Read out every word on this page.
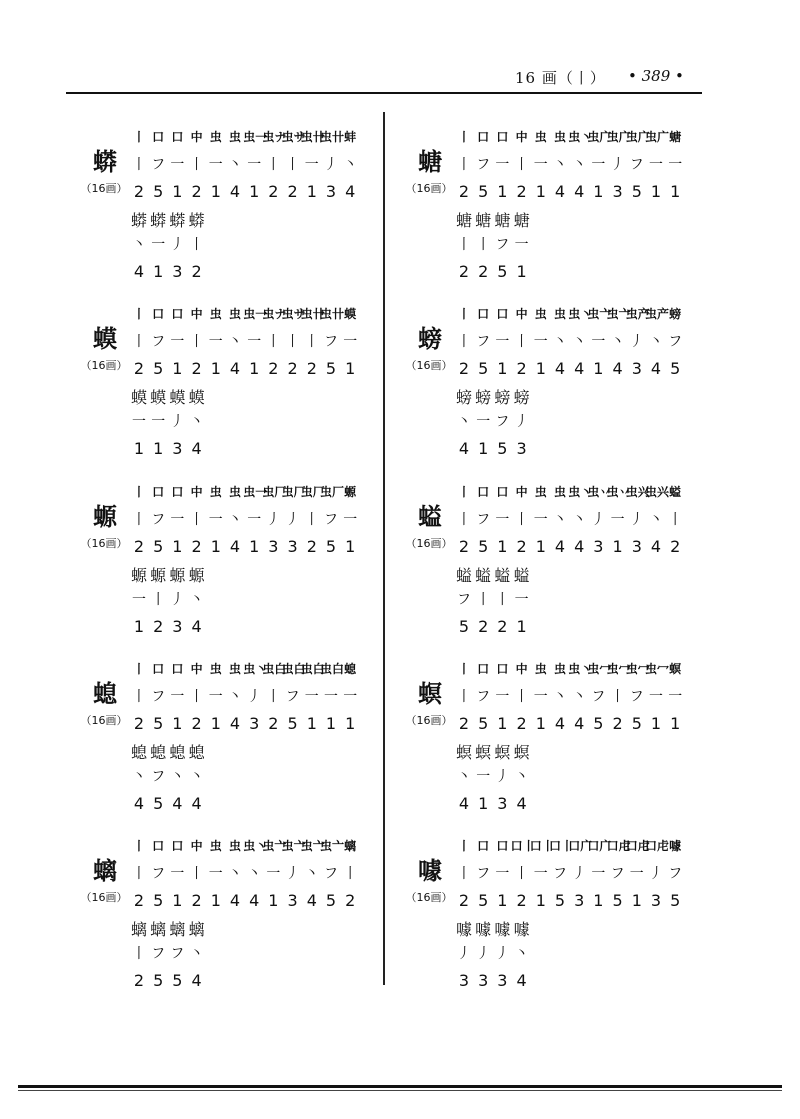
16 画（丨）	• 389 •
蟒
（16画）
丨 口 口 中 虫 虫 虫一
虫ナ
虫サ
虫卄
虫卄 蚌
丨 フ 一 丨 一 丶 一 丨 丨 一 丿 丶
2 5 1 2 1 4 1 2 2 1 3 4
蟒 蟒 蟒 蟒
丶 一 丿 丨
4 1 3 2
蟆
（16画）
丨 口 口 中 虫 虫 虫一
虫ナ
虫サ
虫卄
虫卄 蟆
丨 フ 一 丨 一 丶 一 丨 丨 丨 フ 一
2 5 1 2 1 4 1 2 2 2 5 1
蟆 蟆 蟆 蟆
一 一 丿 丶
1 1 3 4
螈
（16画）
丨 口 口 中 虫 虫 虫一
虫厂
虫厂
虫厂
虫厂 螈
丨 フ 一 丨 一 丶 一 丿 丿 丨 フ 一
2 5 1 2 1 4 1 3 3 2 5 1
螈 螈 螈 螈
一 丨 丿 丶
1 2 3 4
螅
（16画）
丨 口 口 中 虫 虫 虫丶
虫白
虫白
虫白
虫白 螅
丨 フ 一 丨 一 丶 丿 丨 フ 一 一 一
2 5 1 2 1 4 3 2 5 1 1 1
螅 螅 螅 螅
丶 フ 丶 丶
4 5 4 4
螭
（16画）
丨 口 口 中 虫 虫 虫丶
虫亠
虫亠
虫亠
虫亠 螭
丨 フ 一 丨 一 丶 丶 一 丿 丶 フ 丨
2 5 1 2 1 4 4 1 3 4 5 2
螭 螭 螭 螭
丨 フ フ 丶
2 5 5 4
螗
（16画）
丨 口 口 中 虫 虫 虫丶
虫广
虫广
虫广
虫广 螗
丨 フ 一 丨 一 丶 丶 一 丿 フ 一 一
2 5 1 2 1 4 4 1 3 5 1 1
螗 螗 螗 螗
丨 丨 フ 一
2 2 5 1
螃
（16画）
丨 口 口 中 虫 虫 虫丶
虫亠
虫亠
虫产
虫产 螃
丨 フ 一 丨 一 丶 丶 一 丶 丿 丶 フ
2 5 1 2 1 4 4 1 4 3 4 5
螃 螃 螃 螃
丶 一 フ 丿
4 1 5 3
螠
（16画）
丨 口 口 中 虫 虫 虫丶
虫丷
虫丷
虫兴
虫兴 螠
丨 フ 一 丨 一 丶 丶 丿 一 丿 丶 丨
2 5 1 2 1 4 4 3 1 3 4 2
螠 螠 螠 螠
フ 丨 丨 一
5 2 2 1
螟
（16画）
丨 口 口 中 虫 虫 虫丶
虫冖
虫冖
虫冖
虫冖 螟
丨 フ 一 丨 一 丶 丶 フ 丨 フ 一 一
2 5 1 2 1 4 4 5 2 5 1 1
螟 螟 螟 螟
丶 一 丿 丶
4 1 3 4
噱
（16画）
丨 口 口 口丨
口丨
口丨
口广
口广
口虍
口虍
口虍 噱
丨 フ 一 丨 一 フ 丿 一 フ 一 丿 フ
2 5 1 2 1 5 3 1 5 1 3 5
噱 噱 噱 噱
丿 丿 丿 丶
3 3 3 4
